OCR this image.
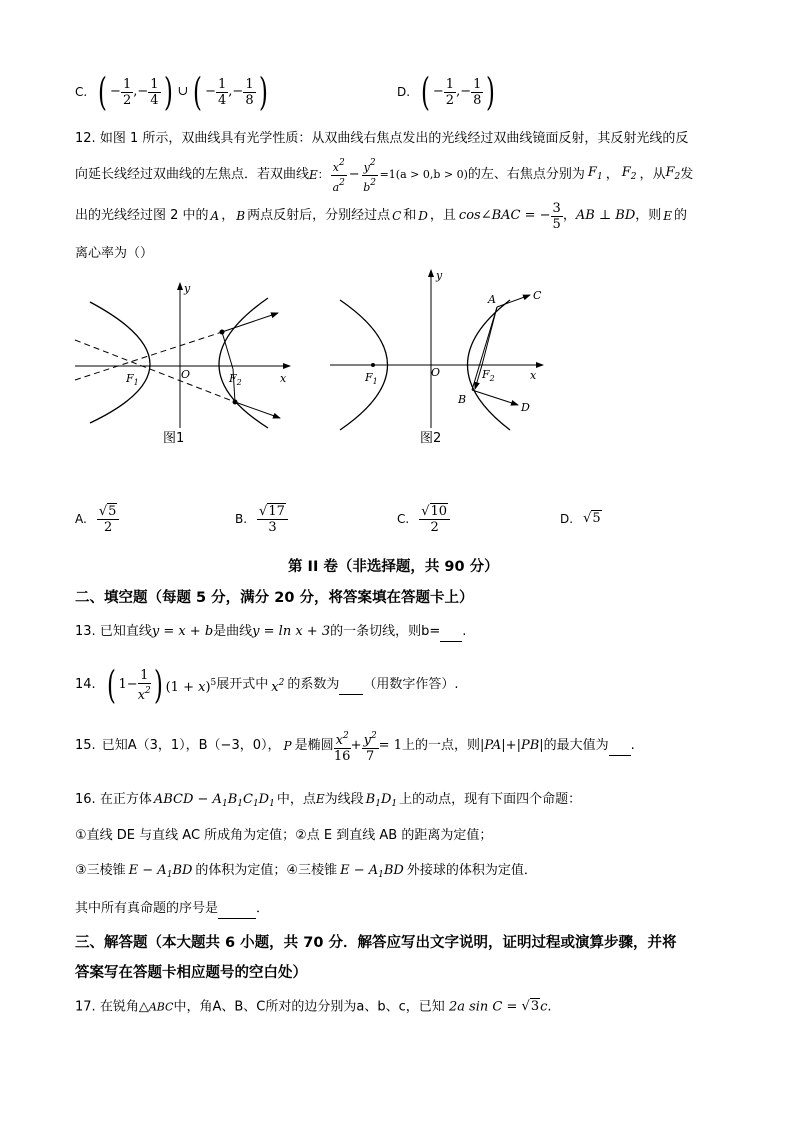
C. ( − $\frac{1}{2}$ ,− $\frac{1}{4}$ ) ∪ ( − $\frac{1}{4}$ ,− $\frac{1}{8}$ )	D. ( − $\frac{1}{2}$ ,− $\frac{1}{8}$ )
12. 如图 1 所示，双曲线具有光学性质：从双曲线右焦点发出的光线经过双曲线镜面反射，其反射光线的反
向延长线经过双曲线的左焦点．若双曲线 E ： $\frac{x^2}{a^2} - \frac{y^2}{b^2} =1(a > 0,b > 0)$ 的左、右焦点分别为 $F_1$ ， $F_2$ ，从 $F_2$ 发
出的光线经过图 2 中的 A ， B 两点反射后，分别经过点 C 和 D ，且 cos∠BAC = − $\frac{3}{5}$ ， AB ⊥ BD ，则 E 的
离心率为（）
y
x
O
$F_1$	$F_2$
图1
y
x
O
$F_1$
$F_2$
A
B
C
D
图2
A. $\frac{√5}{2}$	B. $\frac{√17}{3}$	C. $\frac{√10}{2}$	D. √5
第 II 卷（非选择题，共 90 分）
二、填空题（每题 5 分，满分 20 分，将答案填在答题卡上）
13. 已知直线y = x + b是曲线y = ln x + 3的一条切线，则b= .
14. ( $1- \frac{1}{x^2}$ ) $(1 + x)^5$ 展开式中 $x^2$ 的系数为
（用数字作答）.
15. 已知 A（3，1）， B（−3，0）， P 是椭圆 $\frac{x^2}{16} + \frac{y^2}{7} = 1$ 上的一点，则 |PA|+|PB| 的最大值为
.
16. 在正方体 ABCD − $A_1B_1C_1D_1$ 中，点E为线段 $B_1D_1$ 上的动点，现有下面四个命题：
①直线 DE 与直线 AC 所成角为定值；②点 E 到直线 AB 的距离为定值；
③三棱锥 $E - A_1BD$ 的体积为定值；④三棱锥 $E - A_1BD$ 外接球的体积为定值．
其中所有真命题的序号是	．
三、解答题（本大题共 6 小题，共 70 分．解答应写出文字说明，证明过程或演算步骤，并将
答案写在答题卡相应题号的空白处）
17. 在锐角△ABC中，角A、B、C所对的边分别为a、b、c，已知 2a sin C = √3c.
